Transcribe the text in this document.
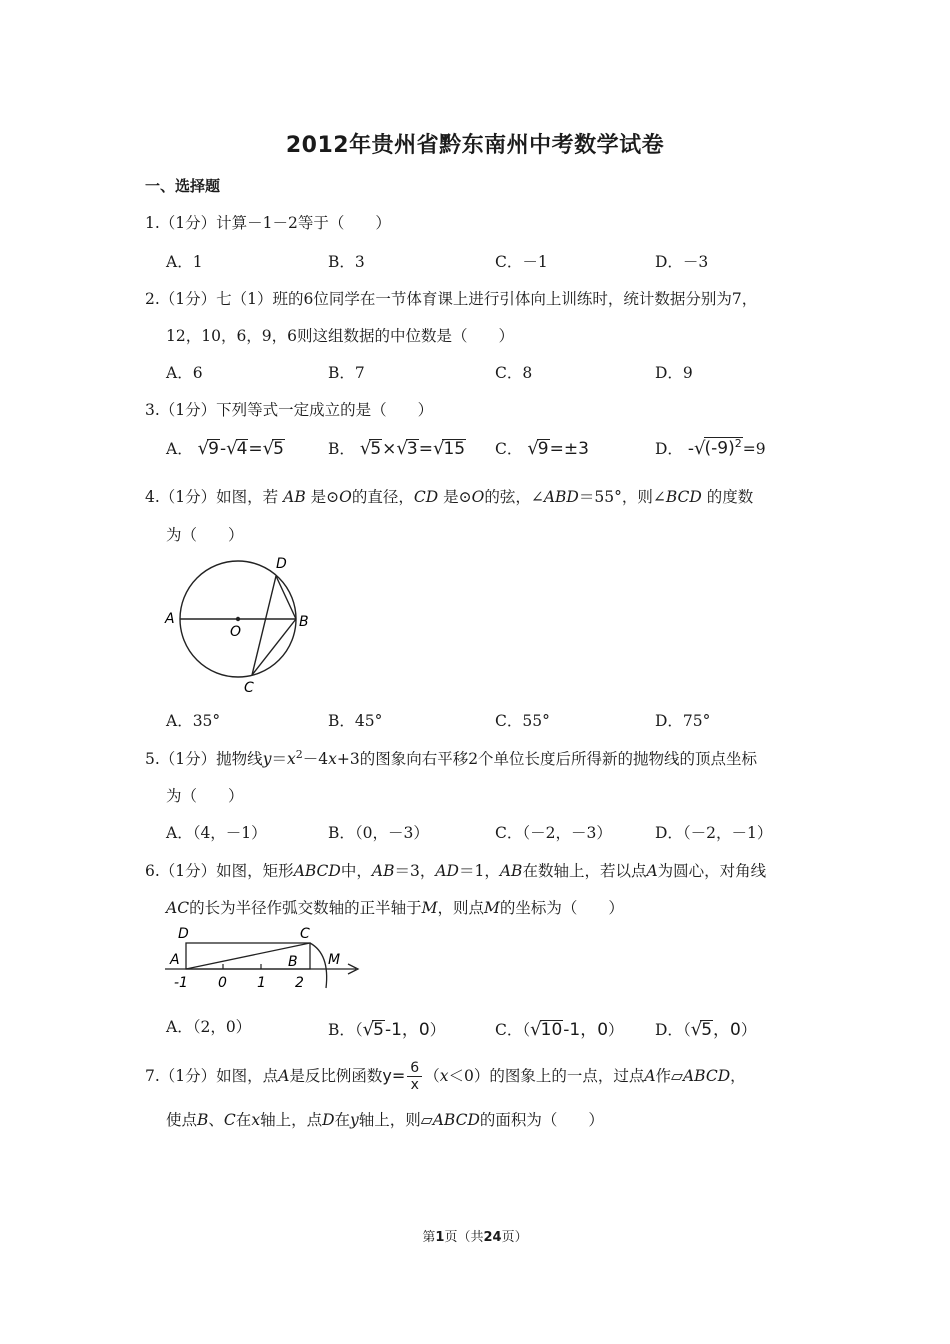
2012年贵州省黔东南州中考数学试卷
一、选择题
1.（1分）计算－1－2等于（　　）
A．1	B．3	C．－1	D．－3
2.（1分）七（1）班的6位同学在一节体育课上进行引体向上训练时，统计数据分别为7，
12，10，6，9，6则这组数据的中位数是（　　）
A．6	B．7	C．8	D．9
3.（1分）下列等式一定成立的是（　　）
A． √9-√4=√5	B． √5×√3=√15 C． √9=±3	D． $-√(-9)^2=9$
4.（1分）如图，若 AB 是⊙O的直径，CD 是⊙O的弦，∠ABD＝55°，则∠BCD 的度数
为（　　）
A	B
C
D
O
A．35°	B．45°	C．55°	D．75°
5.（1分）抛物线$y=x^2-4x+3$的图象向右平移2个单位长度后所得新的抛物线的顶点坐标
为（　　）
A．（4，－1）	B．（0，－3）	C．（－2，－3）	D．（－2，－1）
6.（1分）如图，矩形ABCD中，AB＝3，AD＝1，AB在数轴上，若以点A为圆心，对角线
AC的长为半径作弧交数轴的正半轴于M，则点M的坐标为（　　）
D	C
A	B M
-1 0 1 2
A．（2，0）	B．（√5-1，0）	C．（√10-1，0） D．（√5，0）
7.（1分）如图，点A是反比例函数$y= \frac{6}{x} (x<0)$的图象上的一点，过点A作▱ABCD，
使点B、C在x轴上，点D在y轴上，则▱ABCD的面积为（　　）
第1页（共24页）
